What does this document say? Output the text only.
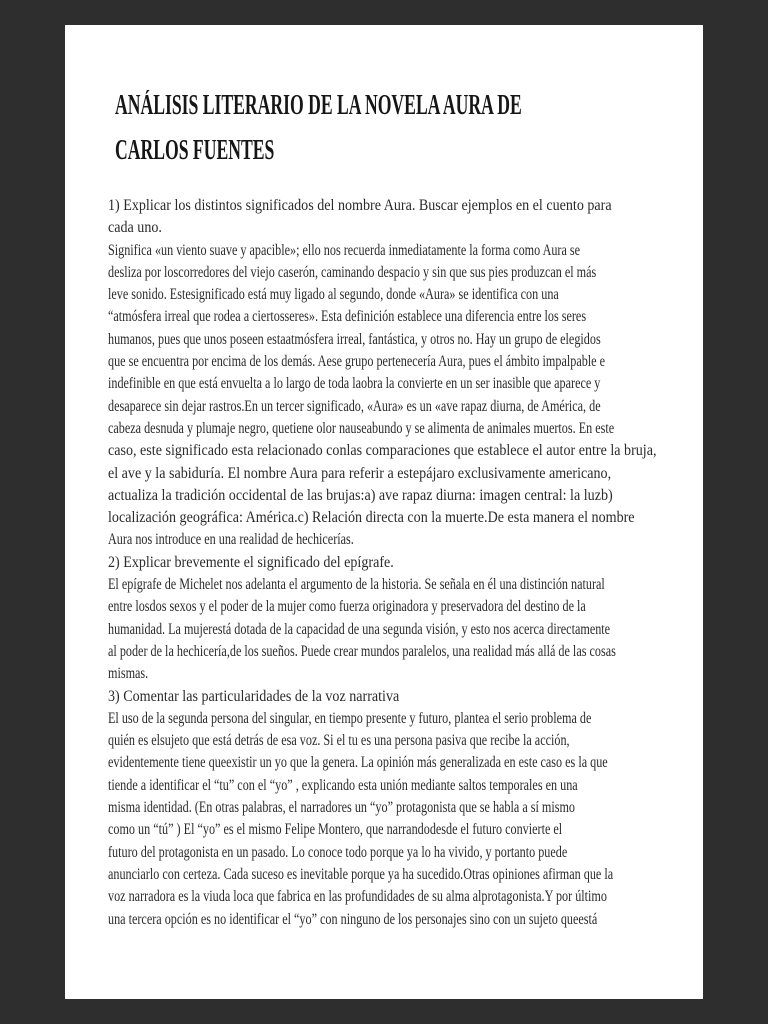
ANÁLISIS LITERARIO DE LA NOVELA AURA DE
CARLOS FUENTES
1) Explicar los distintos significados del nombre Aura. Buscar ejemplos en el cuento para
cada uno.
Significa «un viento suave y apacible»; ello nos recuerda inmediatamente la forma como Aura se
desliza por loscorredores del viejo caserón, caminando despacio y sin que sus pies produzcan el más
leve sonido. Estesignificado está muy ligado al segundo, donde «Aura» se identifica con una
“atmósfera irreal que rodea a ciertosseres». Esta definición establece una diferencia entre los seres
humanos, pues que unos poseen estaatmósfera irreal, fantástica, y otros no. Hay un grupo de elegidos
que se encuentra por encima de los demás. Aese grupo pertenecería Aura, pues el ámbito impalpable e
indefinible en que está envuelta a lo largo de toda laobra la convierte en un ser inasible que aparece y
desaparece sin dejar rastros.En un tercer significado, «Aura» es un «ave rapaz diurna, de América, de
cabeza desnuda y plumaje negro, quetiene olor nauseabundo y se alimenta de animales muertos. En este
caso, este significado esta relacionado conlas comparaciones que establece el autor entre la bruja,
el ave y la sabiduría. El nombre Aura para referir a estepájaro exclusivamente americano,
actualiza la tradición occidental de las brujas:a) ave rapaz diurna: imagen central: la luzb)
localización geográfica: América.c) Relación directa con la muerte.De esta manera el nombre
Aura nos introduce en una realidad de hechicerías.
2) Explicar brevemente el significado del epígrafe.
El epígrafe de Michelet nos adelanta el argumento de la historia. Se señala en él una distinción natural
entre losdos sexos y el poder de la mujer como fuerza originadora y preservadora del destino de la
humanidad. La mujerestá dotada de la capacidad de una segunda visión, y esto nos acerca directamente
al poder de la hechicería,de los sueños. Puede crear mundos paralelos, una realidad más allá de las cosas
mismas.
3) Comentar las particularidades de la voz narrativa
El uso de la segunda persona del singular, en tiempo presente y futuro, plantea el serio problema de
quién es elsujeto que está detrás de esa voz. Si el tu es una persona pasiva que recibe la acción,
evidentemente tiene queexistir un yo que la genera. La opinión más generalizada en este caso es la que
tiende a identificar el “tu” con el “yo” , explicando esta unión mediante saltos temporales en una
misma identidad. (En otras palabras, el narradores un “yo” protagonista que se habla a sí mismo
como un “tú” ) El “yo” es el mismo Felipe Montero, que narrandodesde el futuro convierte el
futuro del protagonista en un pasado. Lo conoce todo porque ya lo ha vivido, y portanto puede
anunciarlo con certeza. Cada suceso es inevitable porque ya ha sucedido.Otras opiniones afirman que la
voz narradora es la viuda loca que fabrica en las profundidades de su alma alprotagonista.Y por último
una tercera opción es no identificar el “yo” con ninguno de los personajes sino con un sujeto queestá
